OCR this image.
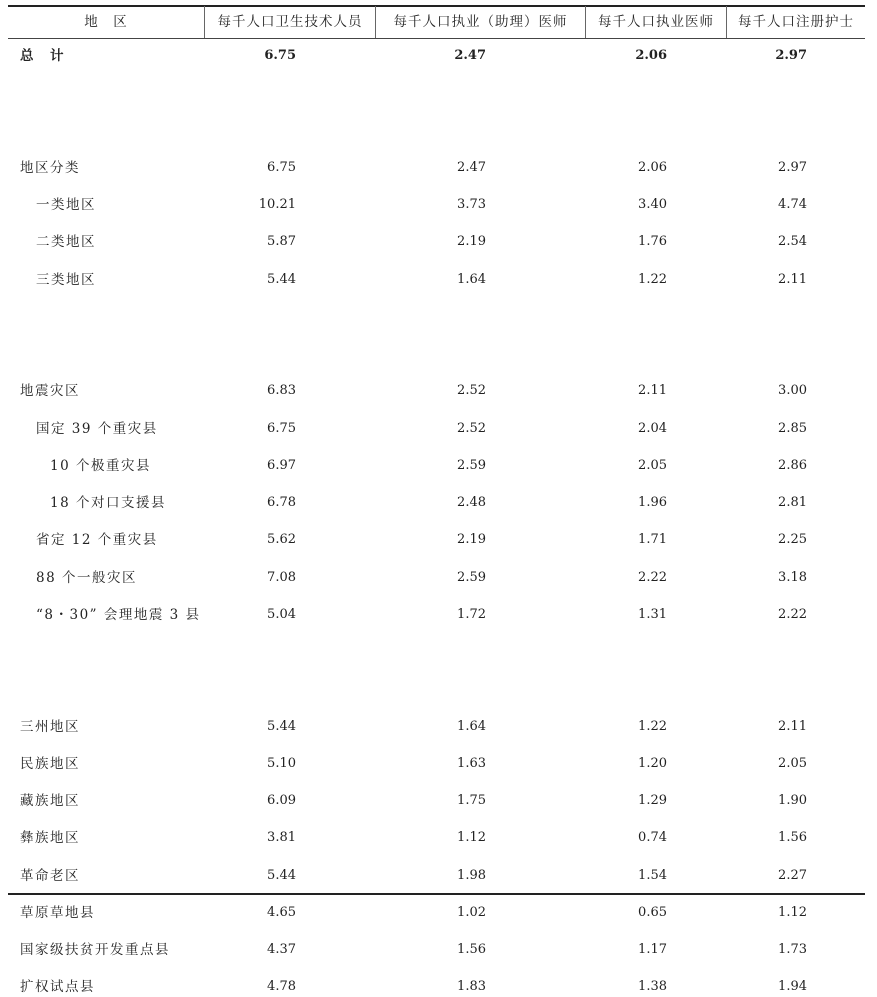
地　区	每千人口卫生技术人员	每千人口执业（助理）医师	每千人口执业医师	每千人口注册护士
总　计	6.75	2.47	2.06	2.97
地区分类	6.75	2.47	2.06	2.97
一类地区	10.21	3.73	3.40	4.74
二类地区	5.87	2.19	1.76	2.54
三类地区	5.44	1.64	1.22	2.11
地震灾区	6.83	2.52	2.11	3.00
国定 39 个重灾县	6.75	2.52	2.04	2.85
10 个极重灾县	6.97	2.59	2.05	2.86
18 个对口支援县	6.78	2.48	1.96	2.81
省定 12 个重灾县	5.62	2.19	1.71	2.25
88 个一般灾区	7.08	2.59	2.22	3.18
“8・30” 会理地震 3 县	5.04	1.72	1.31	2.22
三州地区	5.44	1.64	1.22	2.11
民族地区	5.10	1.63	1.20	2.05
藏族地区	6.09	1.75	1.29	1.90
彝族地区	3.81	1.12	0.74	1.56
革命老区	5.44	1.98	1.54	2.27
草原草地县	4.65	1.02	0.65	1.12
国家级扶贫开发重点县	4.37	1.56	1.17	1.73
扩权试点县	4.78	1.83	1.38	1.94
